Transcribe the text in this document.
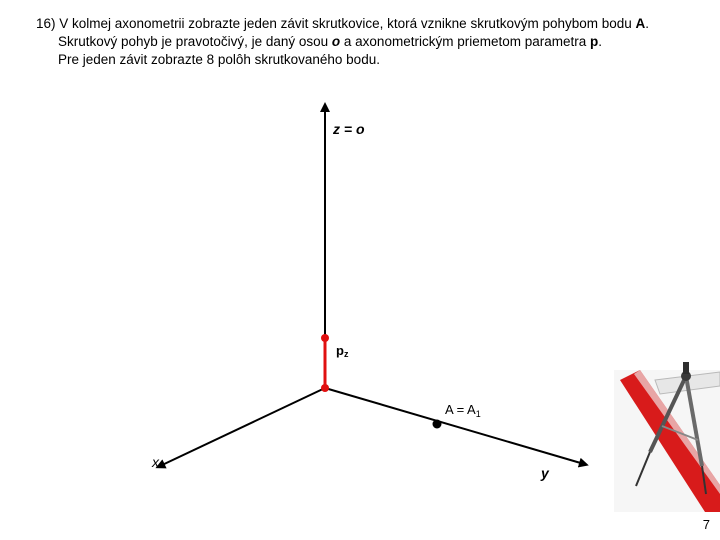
16) V kolmej axonometrii zobrazte jeden závit skrutkovice, ktorá vznikne skrutkovým pohybom bodu A.
Skrutkový pohyb je pravotočivý, je daný osou o a axonometrickým priemetom parametra p.
Pre jeden závit zobrazte 8 polôh skrutkovaného bodu.
z = o
pz
$A = A_1$
x
y
7
